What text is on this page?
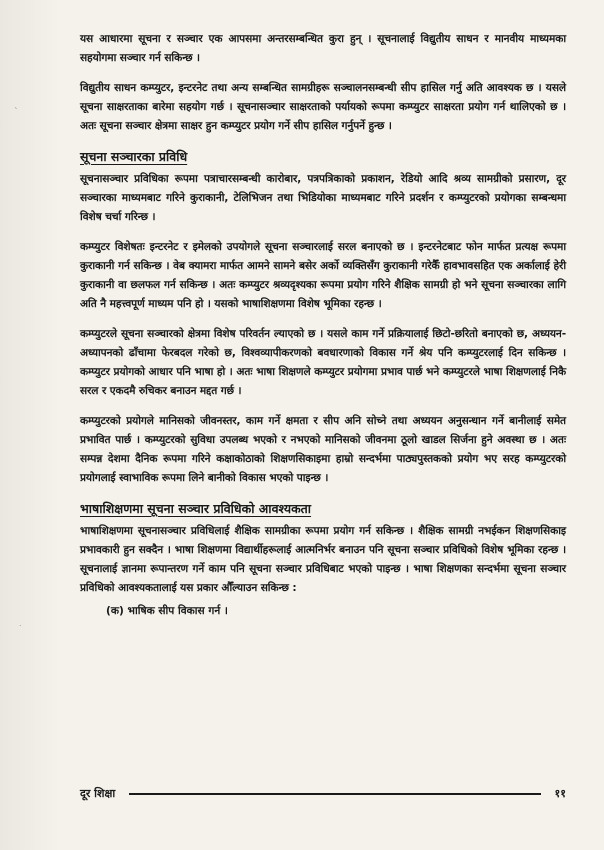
ˎ
˙

यस आधारमा सूचना र सञ्चार एक आपसमा अन्तरसम्बन्धित कुरा हुन् । सूचनालाई विद्युतीय साधन र मानवीय माध्यमका सहयोगमा सञ्चार गर्न सकिन्छ ।

विद्युतीय साधन कम्प्युटर, इन्टरनेट तथा अन्य सम्बन्धित सामग्रीहरू सञ्चालनसम्बन्धी सीप हासिल गर्नु अति आवश्यक छ । यसले सूचना साक्षरताका बारेमा सहयोग गर्छ । सूचनासञ्चार साक्षरताको पर्यायको रूपमा कम्प्युटर साक्षरता प्रयोग गर्न थालिएको छ । अतः सूचना सञ्चार क्षेत्रमा साक्षर हुन कम्प्युटर प्रयोग गर्ने सीप हासिल गर्नुपर्ने हुन्छ ।

सूचना सञ्चारका प्रविधि

सूचनासञ्चार प्रविधिका रूपमा पत्राचारसम्बन्धी कारोबार, पत्रपत्रिकाको प्रकाशन, रेडियो आदि श्रव्य सामग्रीको प्रसारण, दूर सञ्चारका माध्यमबाट गरिने कुराकानी, टेलिभिजन तथा भिडियोका माध्यमबाट गरिने प्रदर्शन र कम्प्युटरको प्रयोगका सम्बन्धमा विशेष चर्चा गरिन्छ ।

कम्प्युटर विशेषतः इन्टरनेट र इमेलको उपयोगले सूचना सञ्चारलाई सरल बनाएको छ । इन्टरनेटबाट फोन मार्फत प्रत्यक्ष रूपमा कुराकानी गर्न सकिन्छ । वेब क्यामरा मार्फत आमने सामने बसेर अर्को व्यक्तिसँग कुराकानी गरेकैँ हावभावसहित एक अर्कालाई हेरी कुराकानी वा छलफल गर्न सकिन्छ । अतः कम्प्युटर श्रव्यदृश्यका रूपमा प्रयोग गरिने शैक्षिक सामग्री हो भने सूचना सञ्चारका लागि अति नै महत्त्वपूर्ण माध्यम पनि हो । यसको भाषाशिक्षणमा विशेष भूमिका रहन्छ ।

कम्प्युटरले सूचना सञ्चारको क्षेत्रमा विशेष परिवर्तन ल्याएको छ । यसले काम गर्ने प्रक्रियालाई छिटो-छरितो बनाएको छ, अध्ययन-अध्यापनको ढाँचामा फेरबदल गरेको छ, विश्वव्यापीकरणको बवधारणाको विकास गर्ने श्रेय पनि कम्प्युटरलाई दिन सकिन्छ । कम्प्युटर प्रयोगको आधार पनि भाषा हो । अतः भाषा शिक्षणले कम्प्युटर प्रयोगमा प्रभाव पार्छ भने कम्प्युटरले भाषा शिक्षणलाई निकै सरल र एकदमै रुचिकर बनाउन मद्दत गर्छ ।

कम्प्युटरको प्रयोगले मानिसको जीवनस्तर, काम गर्ने क्षमता र सीप अनि सोच्ने तथा अध्ययन अनुसन्धान गर्ने बानीलाई समेत प्रभावित पार्छ । कम्प्युटरको सुविधा उपलब्ध भएको र नभएको मानिसको जीवनमा ठूलो खाडल सिर्जना हुने अवस्था छ । अतः सम्पन्न देशमा दैनिक रूपमा गरिने कक्षाकोठाको शिक्षणसिकाइमा हाम्रो सन्दर्भमा पाठ्यपुस्तकको प्रयोग भए सरह कम्प्युटरको प्रयोगलाई स्वाभाविक रूपमा लिने बानीको विकास भएको पाइन्छ ।

भाषाशिक्षणमा सूचना सञ्चार प्रविधिको आवश्यकता

भाषाशिक्षणमा सूचनासञ्चार प्रविधिलाई शैक्षिक सामग्रीका रूपमा प्रयोग गर्न सकिन्छ । शैक्षिक सामग्री नभईकन शिक्षणसिकाइ प्रभावकारी हुन सक्दैन । भाषा शिक्षणमा विद्यार्थीहरूलाई आत्मनिर्भर बनाउन पनि सूचना सञ्चार प्रविधिको विशेष भूमिका रहन्छ । सूचनालाई ज्ञानमा रूपान्तरण गर्ने काम पनि सूचना सञ्चार प्रविधिबाट भएको पाइन्छ । भाषा शिक्षणका सन्दर्भमा सूचना सञ्चार प्रविधिको आवश्यकतालाई यस प्रकार औँल्याउन सकिन्छ :

(क) भाषिक सीप विकास गर्न ।
दूर शिक्षा	११
